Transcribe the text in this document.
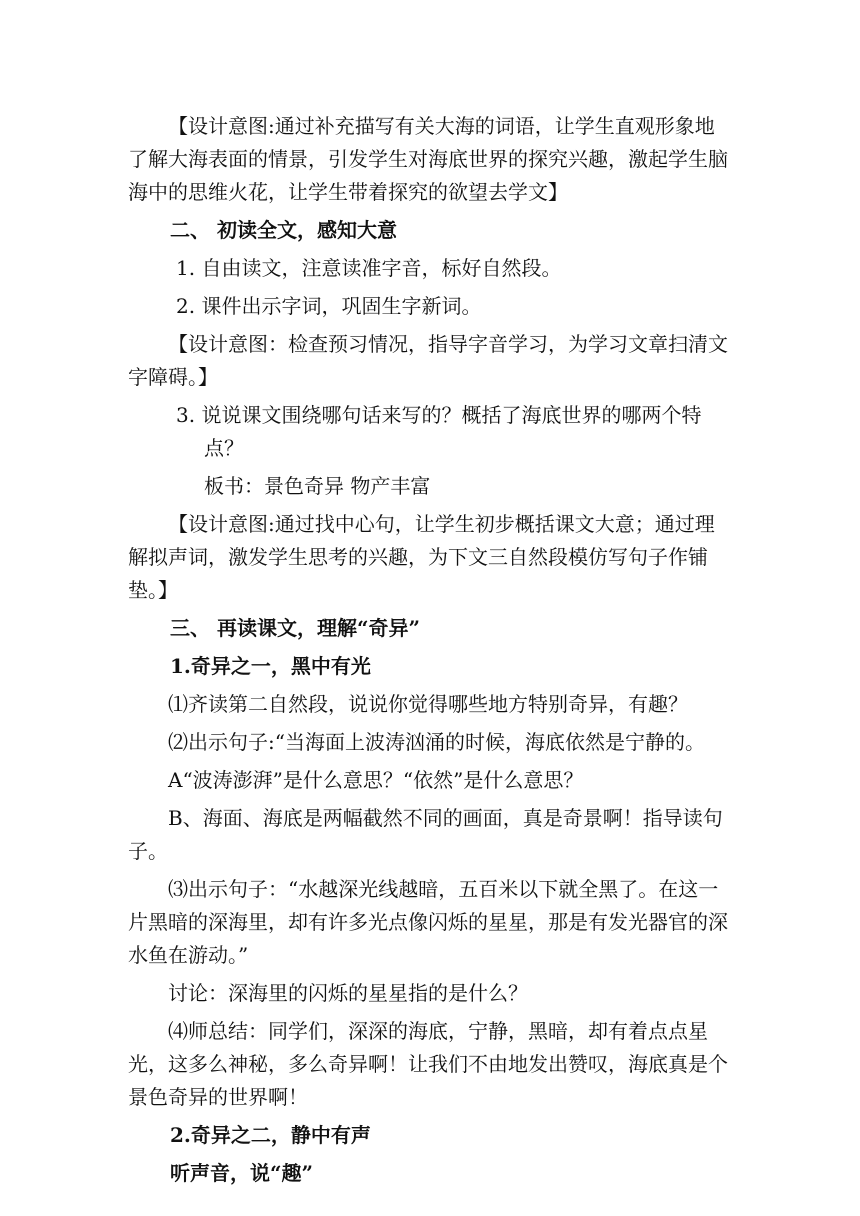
【设计意图:通过补充描写有关大海的词语，让学生直观形象地了解大海表面的情景，引发学生对海底世界的探究兴趣，激起学生脑海中的思维火花，让学生带着探究的欲望去学文】

二、 初读全文，感知大意

1. 自由读文，注意读准字音，标好自然段。

2. 课件出示字词，巩固生字新词。

【设计意图：检查预习情况，指导字音学习，为学习文章扫清文字障碍。】

3. 说说课文围绕哪句话来写的？概括了海底世界的哪两个特点？

板书：景色奇异 物产丰富

【设计意图:通过找中心句，让学生初步概括课文大意；通过理解拟声词，激发学生思考的兴趣，为下文三自然段模仿写句子作铺垫。】

三、 再读课文，理解“奇异”

1.奇异之一，黑中有光

⑴齐读第二自然段，说说你觉得哪些地方特别奇异，有趣？

⑵出示句子:“当海面上波涛汹涌的时候，海底依然是宁静的。

A“波涛澎湃”是什么意思？“依然”是什么意思？

B、海面、海底是两幅截然不同的画面，真是奇景啊！指导读句子。

⑶出示句子：“水越深光线越暗，五百米以下就全黑了。在这一片黑暗的深海里，却有许多光点像闪烁的星星，那是有发光器官的深水鱼在游动。”

讨论：深海里的闪烁的星星指的是什么？

⑷师总结：同学们，深深的海底，宁静，黑暗，却有着点点星光，这多么神秘，多么奇异啊！让我们不由地发出赞叹，海底真是个景色奇异的世界啊！

2.奇异之二，静中有声

听声音，说“趣”
